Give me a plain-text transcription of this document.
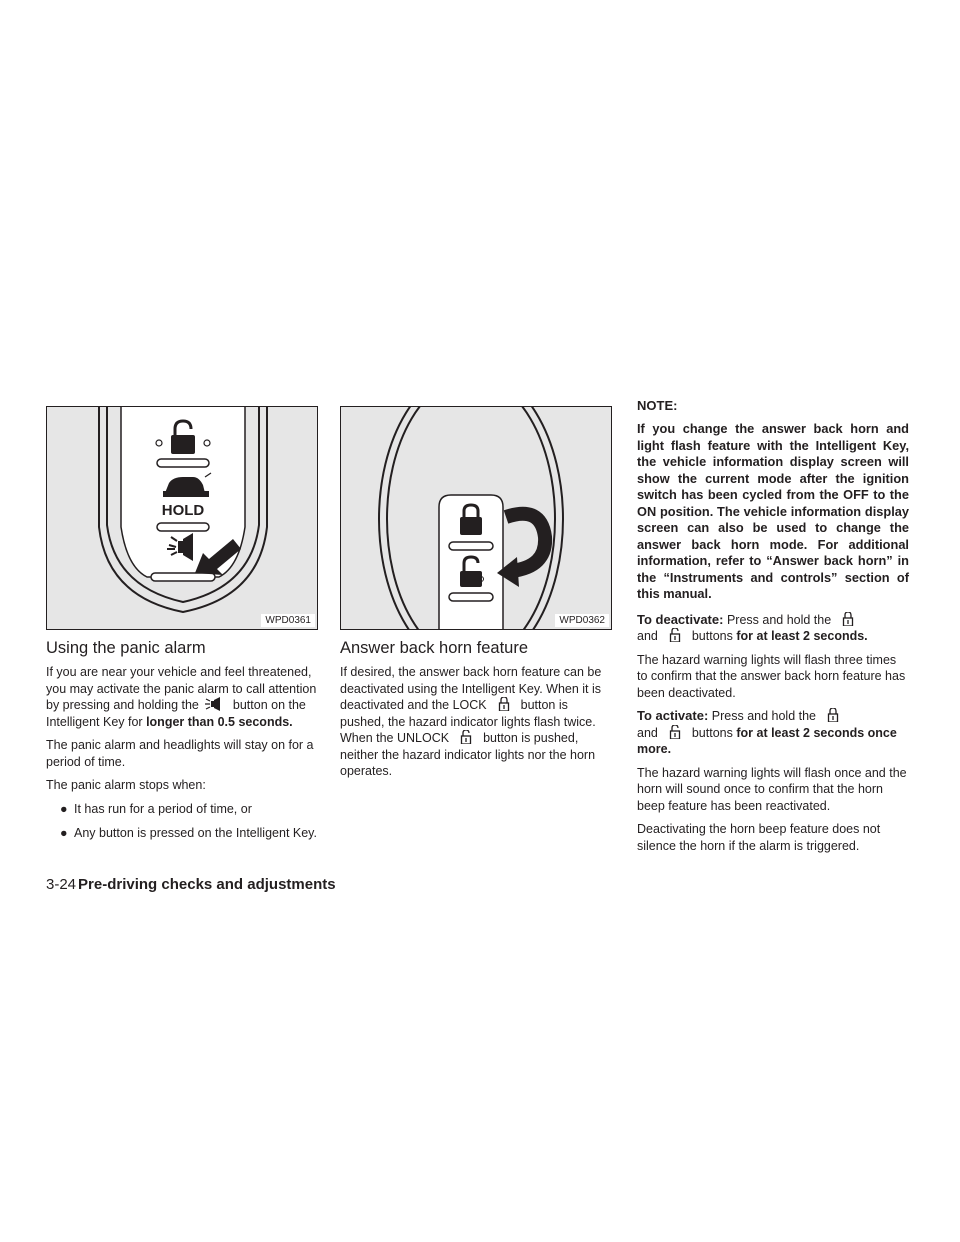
HOLD
WPD0361
Using the panic alarm

If you are near your vehicle and feel threatened, you may activate the panic alarm to call attention by pressing and holding the	button on the Intelligent Key for longer than 0.5 seconds.

The panic alarm and headlights will stay on for a period of time.

The panic alarm stops when:

● It has run for a period of time, or
● Any button is pressed on the Intelligent Key.
WPD0362
Answer back horn feature

If desired, the answer back horn feature can be deactivated using the Intelligent Key. When it is deactivated and the LOCK	button is pushed, the hazard indicator lights flash twice. When the UNLOCK	button is pushed, neither the hazard indicator lights nor the horn operates.

NOTE:

If you change the answer back horn and light flash feature with the Intelligent Key, the vehicle information display screen will show the current mode after the ignition switch has been cycled from the OFF to the ON position. The vehicle information display screen can also be used to change the answer back horn mode. For additional information, refer to “Answer back horn” in the “Instruments and controls” section of this manual.

To deactivate: Press and hold the
and	buttons for at least 2 seconds.

The hazard warning lights will flash three times to confirm that the answer back horn feature has been deactivated.

To activate: Press and hold the
and	buttons for at least 2 seconds once more.

The hazard warning lights will flash once and the horn will sound once to confirm that the horn beep feature has been reactivated.

Deactivating the horn beep feature does not silence the horn if the alarm is triggered.

3-24 Pre-driving checks and adjustments
